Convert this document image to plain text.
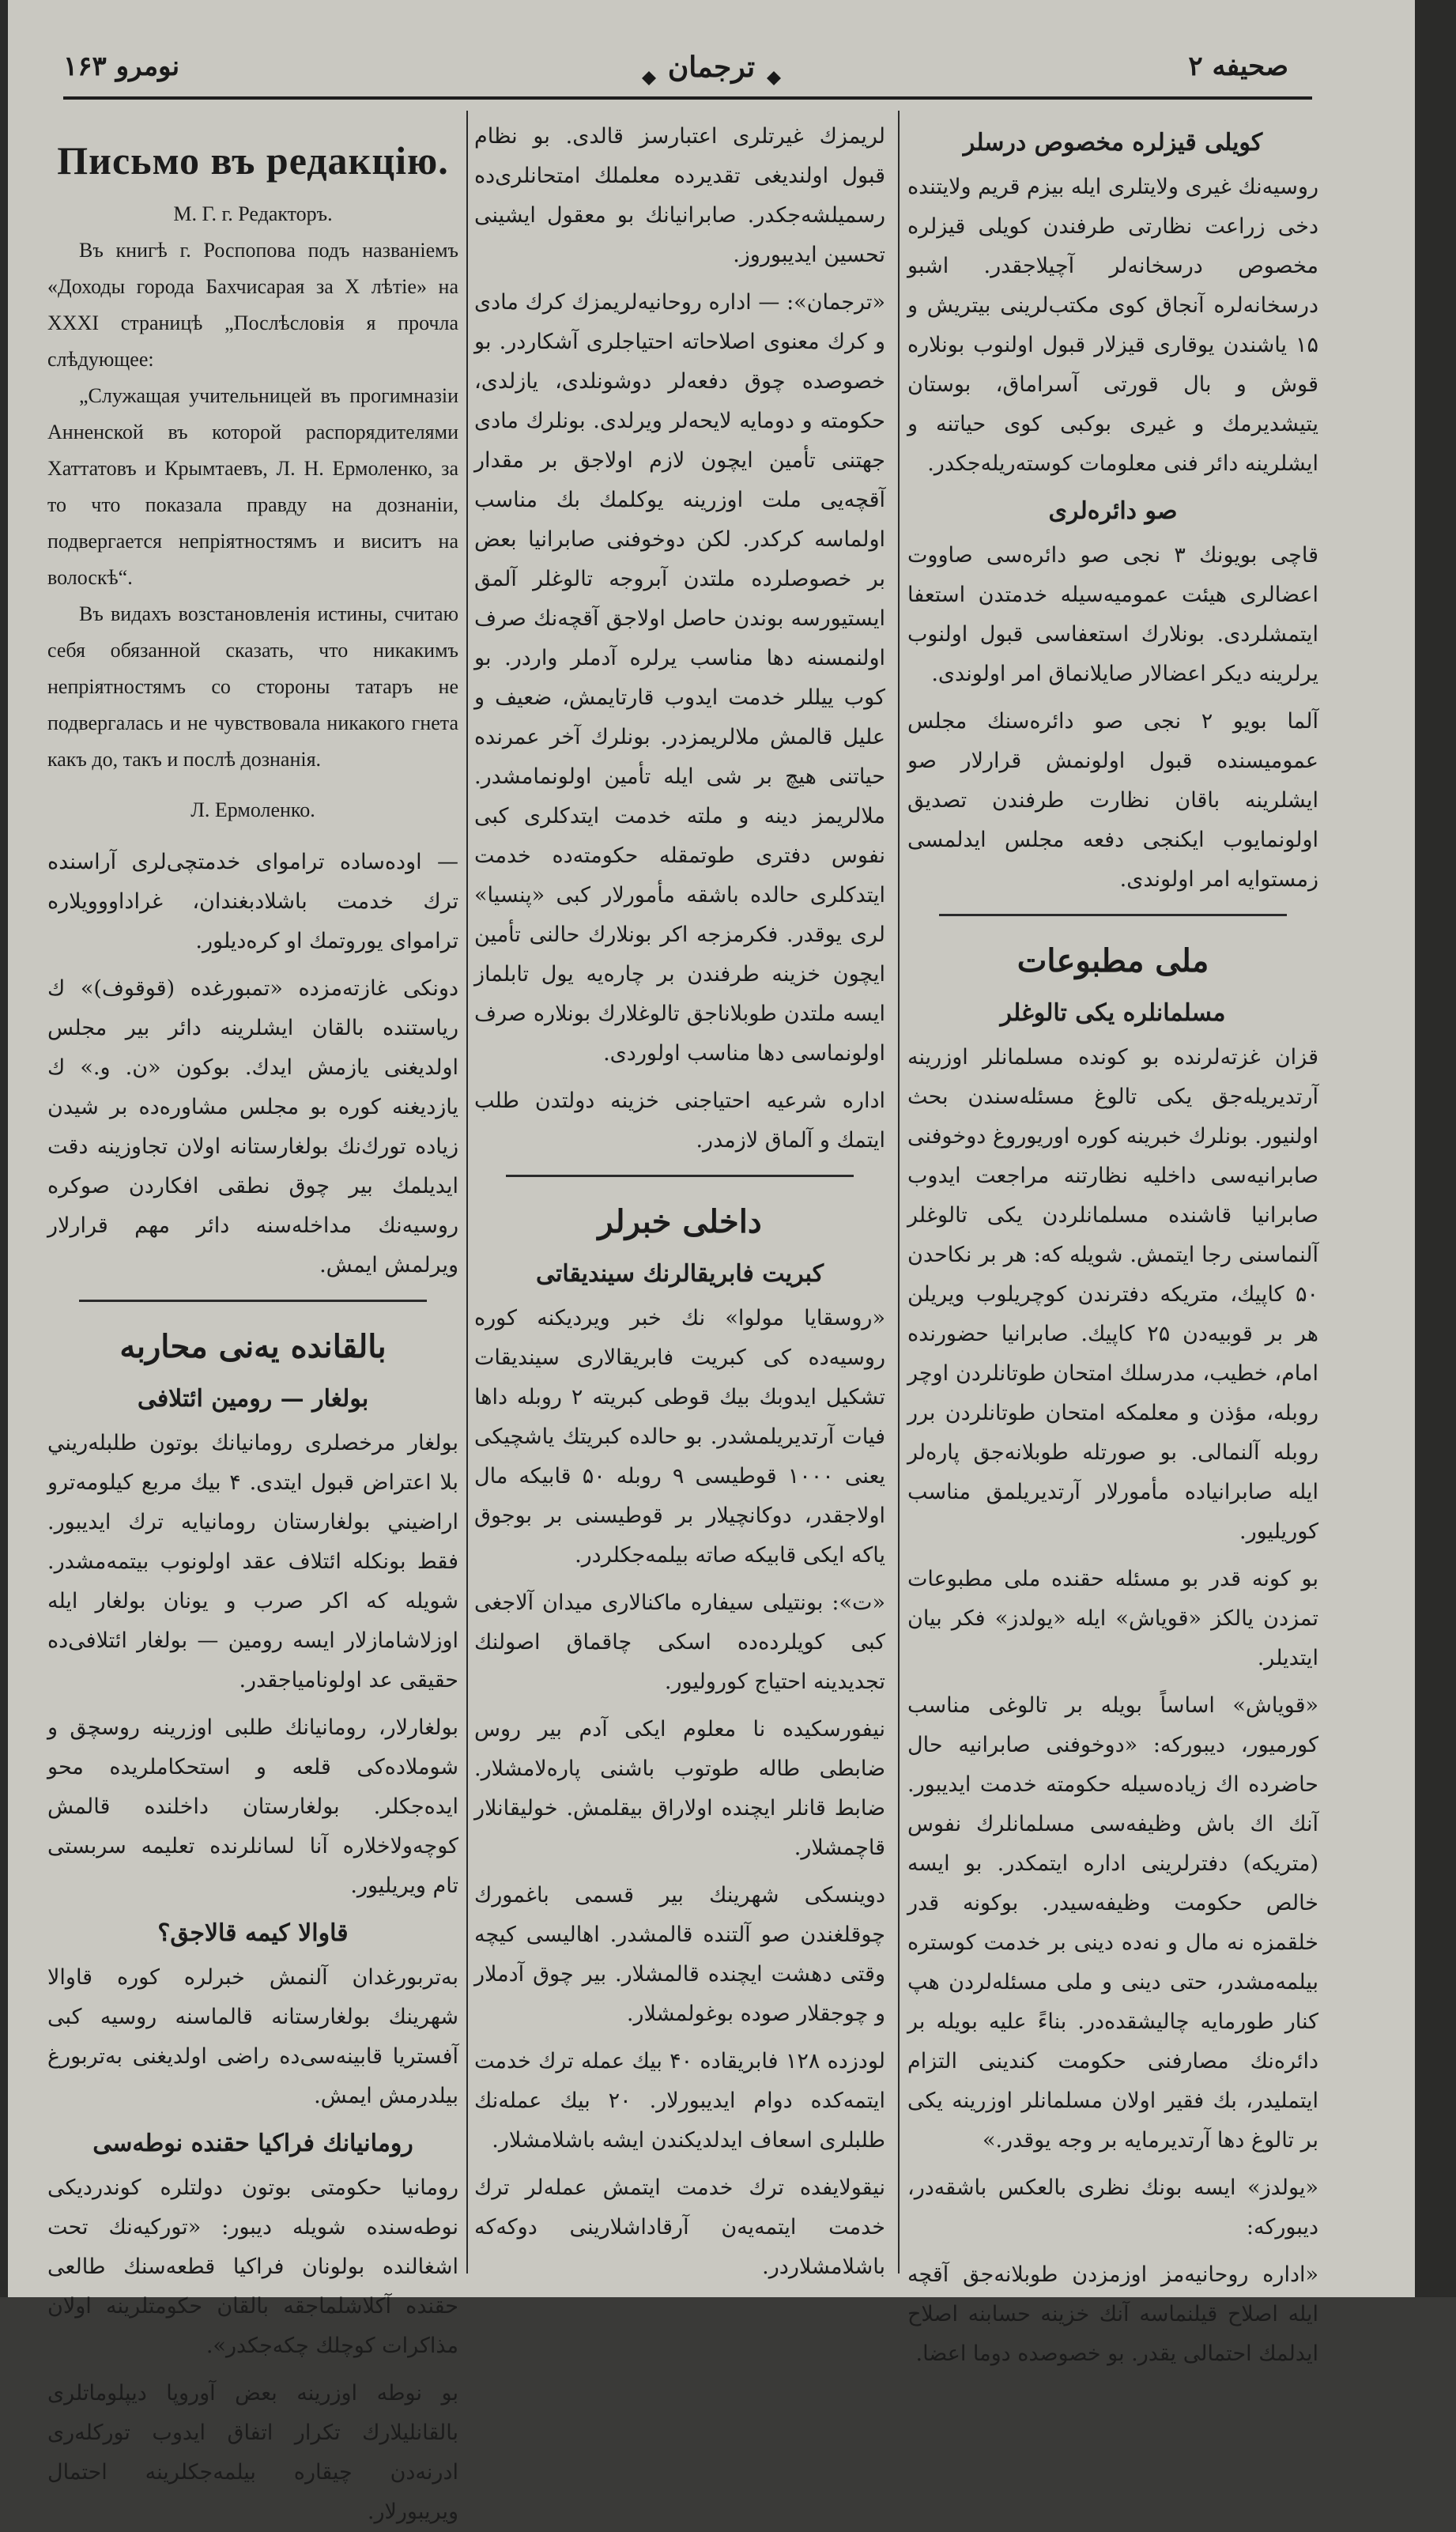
نومرو ۱۶۳	ترجمان	صحيفه ۲
Письмо въ редакцію.

М. Г. г. Редакторъ.

Въ книгѣ г. Роспопова подъ названіемъ «Доходы города Бахчисарая за Х лѣтіе» на XXXI страницѣ „Послѣсловія я прочла слѣдующее:

„Служащая учительницей въ прогимназіи Анненской въ которой распорядителями Хаттатовъ и Крымтаевъ, Л. Н. Ермоленко, за то что показала правду на дознаніи, подвергается непріятностямъ и виситъ на волоскѣ“.

Въ видахъ возстановленія истины, считаю себя обязанной сказать, что никакимъ непріятностямъ со стороны татаръ не подвергалась и не чувствовала никакого гнета какъ до, такъ и послѣ дознанія.

Л. Ермоленко.

— اودەساده ترامواى خدمتچى‌لرى آراسنده ترك خدمت باشلادبغندان، غراداووويلاره ترامواى يوروتمك او كرەديلور.

دونكى غازته‌مزده «تمبورغده (قوقوف)» ك رياستنده بالقان ايشلرينه دائر بير مجلس اولديغنى يازمش ايدك. بوكون «ن. و.» ك يازديغنه كوره بو مجلس مشاوره‌ده بر شيدن زياده تورك‌نك بولغارستانه اولان تجاوزينه دقت ايديلمك بير چوق نطقى افكاردن صوكره روسيه‌نك مداخله‌سنه دائر مهم قرارلار ويرلمش ايمش.

بالقانده يەنى محاربه
بولغار — رومين ائتلافى

بولغار مرخصلرى رومانيانك بوتون طلبلەريني بلا اعتراض قبول ايتدى. ۴ بيك مربع كيلومەترو اراضيني بولغارستان رومانيايه ترك ايديبور. فقط بونكله ائتلاف عقد اولونوب بيتمه‌مشدر. شويله كه اكر صرب و يونان بولغار ايله اوزلاشامازلار ايسه رومين — بولغار ائتلافى‌ده حقيقى عد اولونامياجقدر.

بولغارلار، رومانيانك طلبى اوزرينه روسچق و شوملاده‌كى قلعه و استحكاملريده محو ايده‌جكلر. بولغارستان داخلنده قالمش كوچه‌ولاخلاره آنا لسانلرنده تعليمه سربستى تام ويريليور.

قاوالا كيمه قالاجق؟

بەتربورغدان آلنمش خبرلره كوره قاوالا شهرينك بولغارستانه قالماسنه روسيه كبى آفستريا قابينه‌سى‌ده راضى اولديغنى بەتربورغ بيلدرمش ايمش.

رومانيانك فراكيا حقنده نوطه‌سى

رومانيا حكومتى بوتون دولتلره كوندرديكى نوطه‌سنده شويله ديبور: «توركيه‌نك تحت اشغالنده بولونان فراكيا قطعه‌سنك طالعى حقنده آكلاشلماجقه بالقان حكومتلرينه اولان مذاكرات كوچلك چكه‌جكدر».

بو نوطه اوزرينه بعض آوروپا ديپلوماتلرى بالقانليلارك تكرار اتفاق ايدوب توركله‌رى ادرنه‌دن چيقاره بيلمه‌جكلرينه احتمال ويريبورلار.

لريمزك غيرتلرى اعتبارسز قالدى. بو نظام قبول اولنديغى تقديرده معلملك امتحانلرى‌ده رسميلشه‌جكدر. صابرانيانك بو معقول ايشينى تحسين ايديبوروز.

«ترجمان»: — اداره روحانيه‌لريمزك كرك مادى و كرك معنوى اصلاحاته احتياجلرى آشكاردر. بو خصوصده چوق دفعه‌لر دوشونلدى، يازلدى، حكومته و دومايه لايحه‌لر ويرلدى. بونلرك مادى جهتنى تأمين ايچون لازم اولاجق بر مقدار آقچه‌يى ملت اوزرينه يوكلمك بك مناسب اولماسه كركدر. لكن دوخوفنى صابرانيا بعض بر خصوصلرده ملتدن آبروجه تالوغلر آلمق ايستيورسه بوندن حاصل اولاجق آقچه‌نك صرف اولنمسنه دها مناسب يرلره آدملر واردر. بو كوب ييللر خدمت ايدوب قارتايمش، ضعيف و عليل قالمش ملالريمزدر. بونلرك آخر عمرنده حياتنى هيچ بر شى ايله تأمين اولونمامشدر. ملالريمز دينه و ملته خدمت ايتدكلرى كبى نفوس دفترى طوتمقله حكومته‌ده خدمت ايتدكلرى حالده باشقه مأمورلار كبى «پنسيا» لرى يوقدر. فكرمزجه اكر بونلارك حالنى تأمين ايچون خزينه طرفندن بر چاره‌يه يول تابلماز ايسه ملتدن طوبلاناجق تالوغلارك بونلاره صرف اولونماسى دها مناسب اولوردى.

اداره شرعيه احتياجنى خزينه دولتدن طلب ايتمك و آلماق لازمدر.

داخلى خبرلر
كبريت فابريقالرنك سينديقاتى

«روسقايا مولوا» نك خبر ويرديكنه كوره روسيه‌ده كى كبريت فابريقالارى سينديقات تشكيل ايدوبك بيك قوطى كبريته ۲ روبله داها فيات آرتديريلمشدر. بو حالده كبريتك ياشچيكى يعنى ۱۰۰۰ قوطيسى ۹ روبله ۵۰ قابيكه مال اولاجقدر، دوكانچيلار بر قوطيسنى بر بوجوق ياكه ايكى قابيكه صاته بيلمه‌جكلردر.

«ت»: بونتيلى سيفاره ماكنالارى ميدان آلاجغى كبى كويلرده‌ده اسكى چاقماق اصولنك تجديدينه احتياج كوروليور.

نيفورسكيده نا معلوم ايكى آدم بير روس ضابطى طاله طوتوب باشنى پارەلامشلار. ضابط قانلر ايچنده اولاراق بيقلمش. خوليقانلار قاچمشلار.

دوينسكى شهرينك بير قسمى باغمورك چوقلغندن صو آلتنده قالمشدر. اهاليسى كيچه وقتى دهشت ايچنده قالمشلار. بير چوق آدملار و چوجقلار صوده بوغولمشلار.

لودزده ۱۲۸ فابريقاده ۴۰ بيك عمله ترك خدمت ايتمه‌كده دوام ايديبورلار. ۲۰ بيك عمله‌نك طلبلرى اسعاف ايدلديكندن ايشه باشلامشلار.

نيقولايفده ترك خدمت ايتمش عمله‌لر ترك خدمت ايتمه‌يەن آرقاداشلارينى دوكه‌كه باشلامشلاردر.

كويلى قيزلره مخصوص درسلر

روسيه‌نك غيرى ولايتلرى ايله بيزم قريم ولايتنده دخى زراعت نظارتى طرفندن كويلى قيزلره مخصوص درسخانه‌لر آچيلاجقدر. اشبو درسخانه‌لره آنجاق كوى مكتب‌لرينى بيتريش و ۱۵ ياشندن يوقارى قيزلار قبول اولنوب بونلاره قوش و بال قورتى آسراماق، بوستان يتيشديرمك و غيرى بوكبى كوى حياتنه و ايشلرينه دائر فنى معلومات كوسته‌ريله‌جكدر.

صو دائره‌لرى

قاچى بويونك ۳ نجى صو دائره‌سى صاووت اعضالرى هيئت عموميه‌سيله خدمتدن استعفا ايتمشلردى. بونلارك استعفاسى قبول اولنوب يرلرينه ديكر اعضالار صايلانماق امر اولوندى.

آلما بويو ۲ نجى صو دائره‌سنك مجلس عموميسنده قبول اولونمش قرارلار صو ايشلرينه باقان نظارت طرفندن تصديق اولونمايوب ايكنجى دفعه مجلس ايدلمسى زمستوايه امر اولوندى.

ملى مطبوعات
مسلمانلره يكى تالوغلر

قزان غزته‌لرنده بو كونده مسلمانلر اوزرينه آرتديريله‌جق يكى تالوغ مسئله‌سندن بحث اولنيور. بونلرك خبرينه كوره اوريوروغ دوخوفنى صابرانيه‌سى داخليه نظارتنه مراجعت ايدوب صابرانيا قاشنده مسلمانلردن يكى تالوغلر آلنماسنى رجا ايتمش. شويله كه: هر بر نكاحدن ۵۰ كاپيك، متريكه دفترندن كوچريلوب ويريلن هر بر قوبيه‌دن ۲۵ كاپيك. صابرانيا حضورنده امام، خطيب، مدرسلك امتحان طوتانلردن اوچر روبله، مؤذن و معلمكه امتحان طوتانلردن برر روبله آلنمالى. بو صورتله طوبلانه‌جق پارەلر ايله صابرانياده مأمورلار آرتديريلمق مناسب كوريليور.

بو كونه قدر بو مسئله حقنده ملى مطبوعات تمزدن يالكز «قوياش» ايله «يولدز» فكر بيان ايتديلر.

«قوياش» اساساً بويله بر تالوغى مناسب كورميور، ديبوركه: «دوخوفنى صابرانيه حال حاضرده اك زياده‌سيله حكومته خدمت ايديبور. آنك اك باش وظيفه‌سى مسلمانلرك نفوس (متريكه) دفترلرينى اداره ايتمكدر. بو ايسه خالص حكومت وظيفه‌سيدر. بوكونه قدر خلقمزه نه مال و نه‌ده دينى بر خدمت كوستره بيلمه‌مشدر، حتى دينى و ملى مسئله‌لردن هپ كنار طورمايه چاليشقده‌در. بناءً عليه بويله بر دائره‌نك مصارفنى حكومت كندينى التزام ايتمليدر، بك فقير اولان مسلمانلر اوزرينه يكى بر تالوغ دها آرتديرمايه بر وجه يوقدر.»

«يولدز» ايسه بونك نظرى بالعكس باشقه‌در، ديبوركه:

«اداره روحانيه‌مز اوزمزدن طوبلانه‌جق آقچه ايله اصلاح قيلنماسه آنك خزينه حسابنه اصلاح ايدلمك احتمالى يقدر. بو خصوصده دوما اعضا.
